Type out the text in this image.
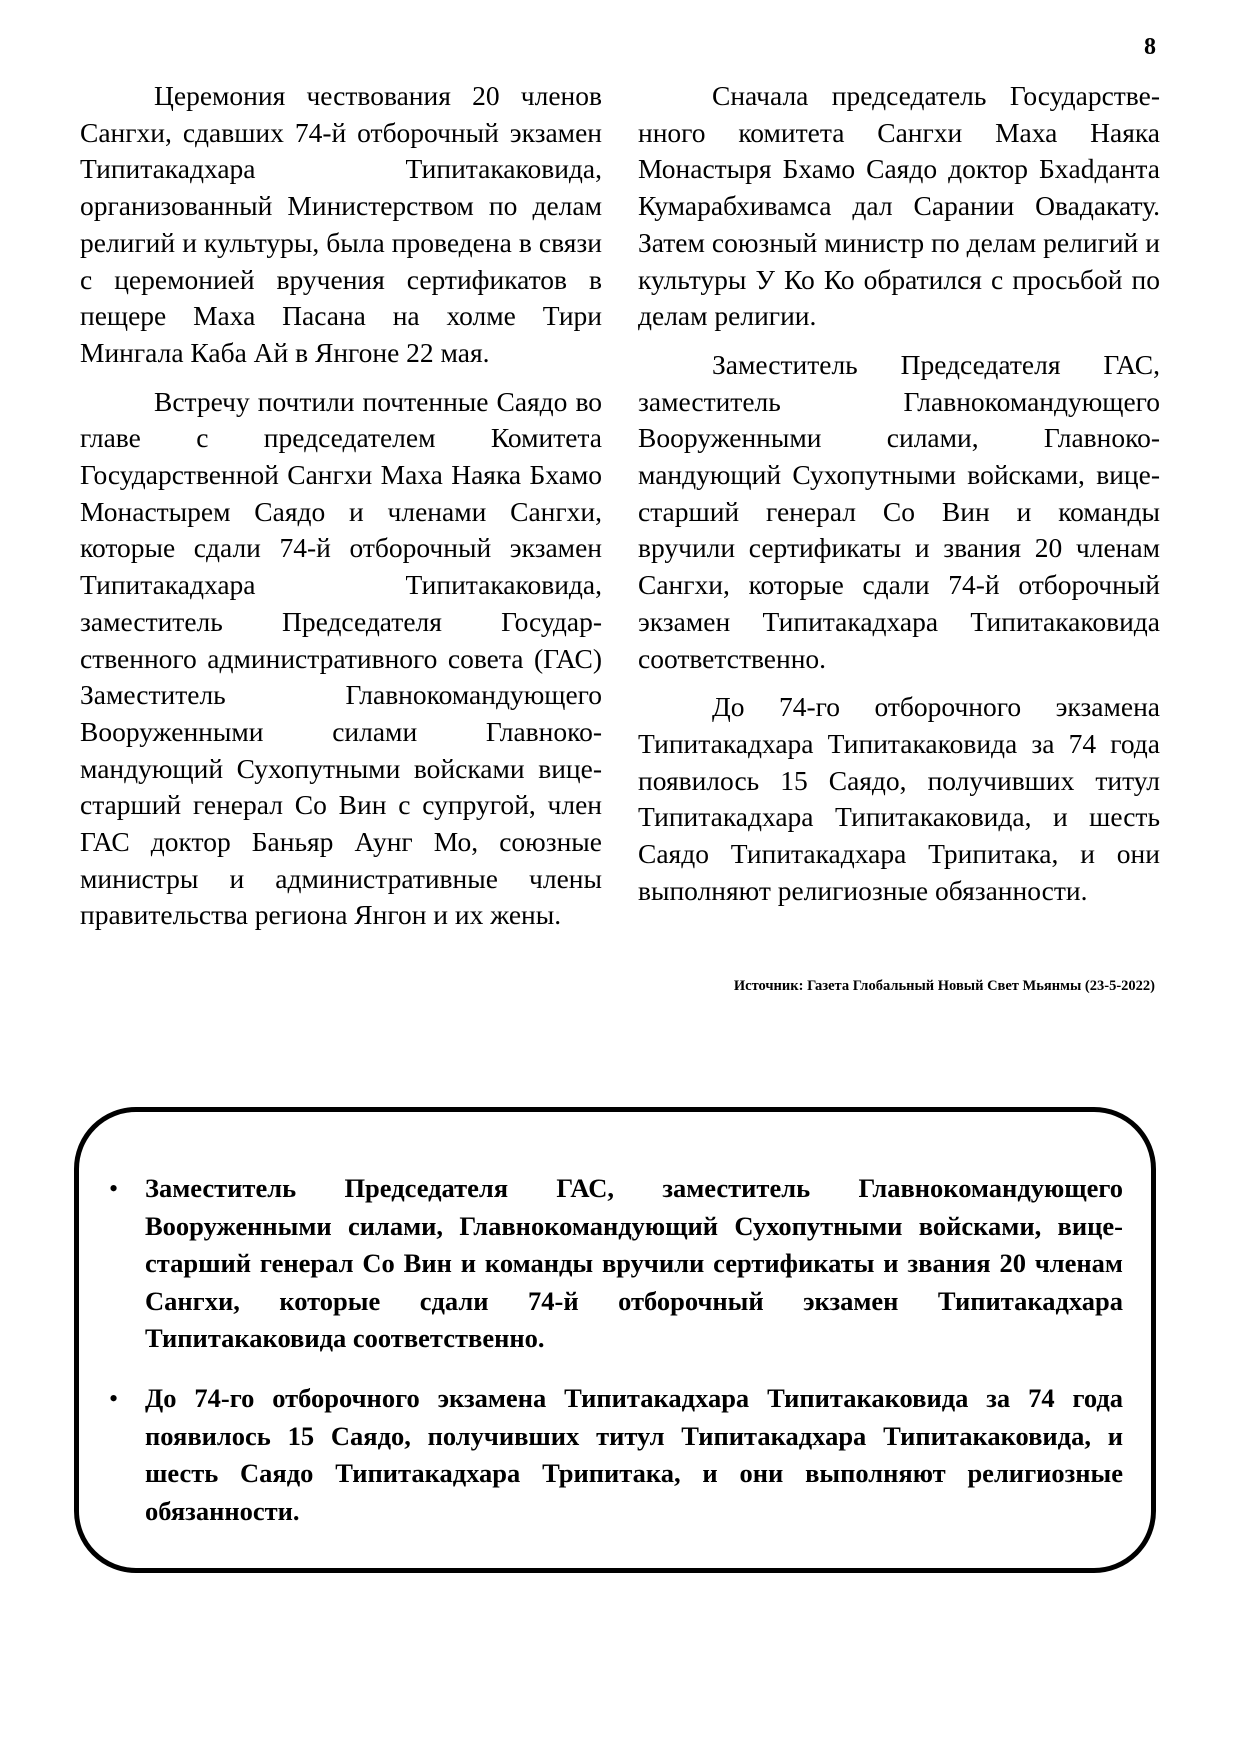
8

Церемония чествования 20 членов Сангхи, сдавших 74-й отборочный экзамен Типитакадхара Типитакаковида, организованный Министерством по делам религий и культуры, была проведена в связи с церемонией вручения сертификатов в пещере Маха Пасана на холме Тири Мингала Каба Ай в Янгоне 22 мая.

Встречу почтили почтенные Саядо во главе с председателем Комитета Государственной Сангхи Маха Наяка Бхамо Монастырем Саядо и членами Сангхи, которые сдали 74-й отборочный экзамен Типитакадхара Типитакаковида, заместитель Председателя Государственного административного совета (ГАС) Заместитель Главнокомандующего Вооруженными силами Главнокомандующий Сухопутными войсками вице-старший генерал Со Вин с супругой, член ГАС доктор Баньяр Аунг Мо, союзные министры и административные члены правительства региона Янгон и их жены.

Сначала председатель Государственного комитета Сангхи Маха Наяка Монастыря Бхамо Саядо доктор Бхadданта Кумарабхивамса дал Сарании Овадакату. Затем союзный министр по делам религий и культуры У Ко Ко обратился с просьбой по делам религии.

Заместитель Председателя ГАС, заместитель Главнокомандующего Вооруженными силами, Главнокомандующий Сухопутными войсками, вице-старший генерал Со Вин и команды вручили сертификаты и звания 20 членам Сангхи, которые сдали 74-й отборочный экзамен Типитакадхара Типитакаковида соответственно.

До 74-го отборочного экзамена Типитакадхара Типитакаковида за 74 года появилось 15 Саядо, получивших титул Типитакадхара Типитакаковида, и шесть Саядо Типитакадхара Трипитака, и они выполняют религиозные обязанности.

Источник: Газета Глобальный Новый Свет Мьянмы (23-5-2022)
• Заместитель Председателя ГАС, заместитель Главнокомандующего Вооруженными силами, Главнокомандующий Сухопутными войсками, вице-старший генерал Со Вин и команды вручили сертификаты и звания 20 членам Сангхи, которые сдали 74-й отборочный экзамен Типитакадхара Типитакаковида соответственно.
• До 74-го отборочного экзамена Типитакадхара Типитакаковида за 74 года появилось 15 Саядо, получивших титул Типитакадхара Типитакаковида, и шесть Саядо Типитакадхара Трипитака, и они выполняют религиозные обязанности.
